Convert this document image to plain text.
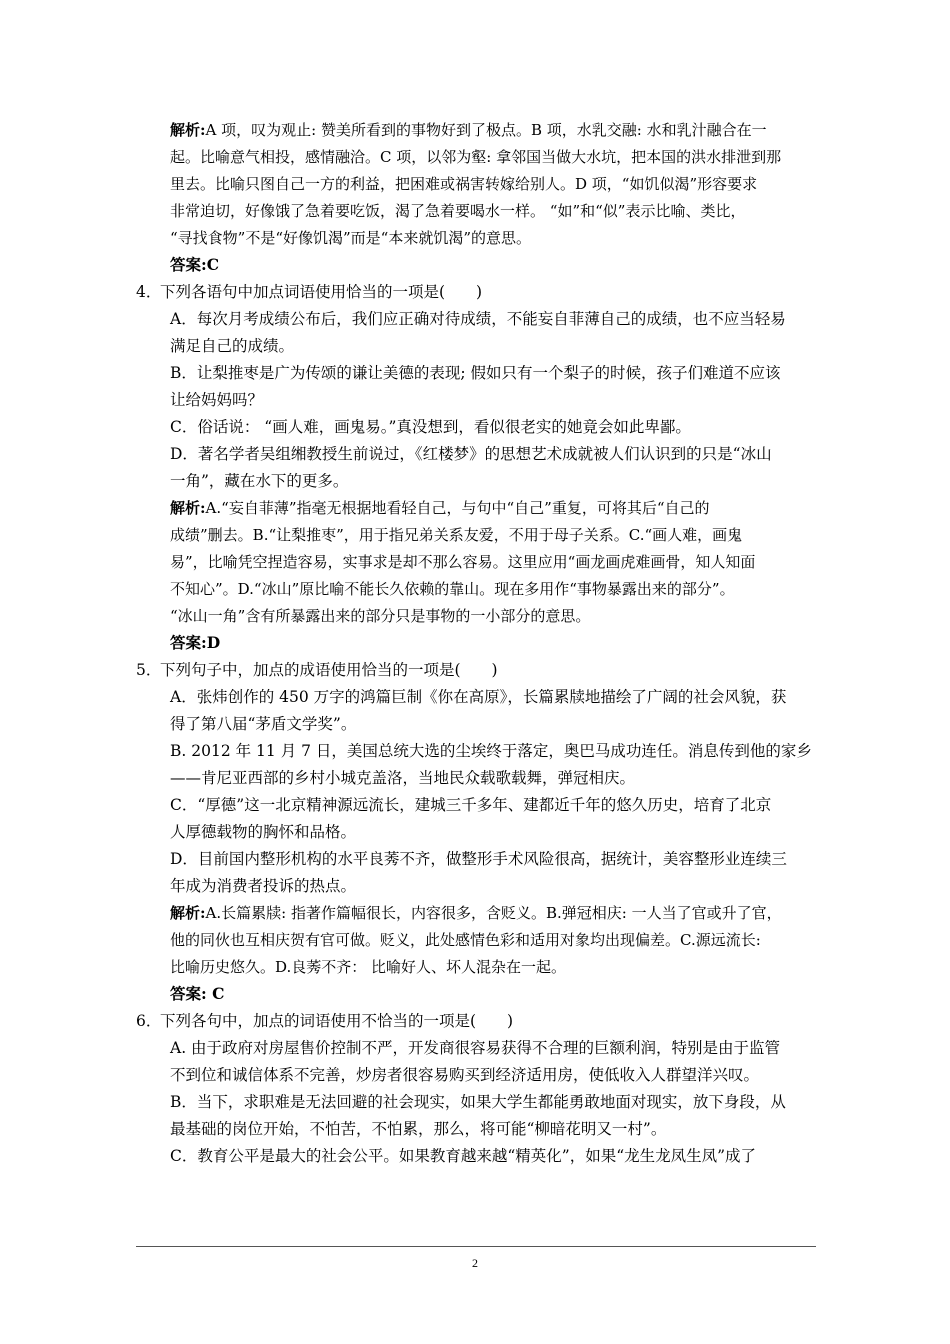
解析:A 项，叹为观止: 赞美所看到的事物好到了极点。B 项，水乳交融: 水和乳汁融合在一
起。比喻意气相投，感情融洽。C 项，以邻为壑: 拿邻国当做大水坑，把本国的洪水排泄到那
里去。比喻只图自己一方的利益，把困难或祸害转嫁给别人。D 项，“如饥似渴”形容要求
非常迫切，好像饿了急着要吃饭，渴了急着要喝水一样。 “如”和“似”表示比喻、类比，
“寻找食物”不是“好像饥渴”而是“本来就饥渴”的意思。
答案:C
4．下列各语句中加点词语使用恰当的一项是(　　)
A．每次月考成绩公布后，我们应正确对待成绩，不能妄自菲薄自己的成绩，也不应当轻易
满足自己的成绩。
B．让梨推枣是广为传颂的谦让美德的表现; 假如只有一个梨子的时候，孩子们难道不应该
让给妈妈吗？
C．俗话说： “画人难，画鬼易。”真没想到，看似很老实的她竟会如此卑鄙。
D．著名学者吴组缃教授生前说过，《红楼梦》的思想艺术成就被人们认识到的只是“冰山
一角”，藏在水下的更多。
解析:A.“妄自菲薄”指毫无根据地看轻自己，与句中“自己”重复，可将其后“自己的
成绩”删去。B.“让梨推枣”，用于指兄弟关系友爱，不用于母子关系。C.“画人难，画鬼
易”，比喻凭空捏造容易，实事求是却不那么容易。这里应用“画龙画虎难画骨，知人知面
不知心”。D.“冰山”原比喻不能长久依赖的靠山。现在多用作“事物暴露出来的部分”。
“冰山一角”含有所暴露出来的部分只是事物的一小部分的意思。
答案:D
5．下列句子中，加点的成语使用恰当的一项是(　　)
A．张炜创作的 450 万字的鸿篇巨制《你在高原》，长篇累牍地描绘了广阔的社会风貌，获
得了第八届“茅盾文学奖”。
B. 2012 年 11 月 7 日，美国总统大选的尘埃终于落定，奥巴马成功连任。消息传到他的家乡
——肯尼亚西部的乡村小城克盖洛，当地民众载歌载舞，弹冠相庆。
C．“厚德”这一北京精神源远流长，建城三千多年、建都近千年的悠久历史，培育了北京
人厚德载物的胸怀和品格。
D．目前国内整形机构的水平良莠不齐，做整形手术风险很高，据统计，美容整形业连续三
年成为消费者投诉的热点。
解析:A.长篇累牍: 指著作篇幅很长，内容很多，含贬义。B.弹冠相庆: 一人当了官或升了官，
他的同伙也互相庆贺有官可做。贬义，此处感情色彩和适用对象均出现偏差。C.源远流长:
比喻历史悠久。D.良莠不齐： 比喻好人、坏人混杂在一起。
答案: C
6．下列各句中，加点的词语使用不恰当的一项是(　　)
A. 由于政府对房屋售价控制不严，开发商很容易获得不合理的巨额利润，特别是由于监管
不到位和诚信体系不完善，炒房者很容易购买到经济适用房，使低收入人群望洋兴叹。
B．当下，求职难是无法回避的社会现实，如果大学生都能勇敢地面对现实，放下身段，从
最基础的岗位开始，不怕苦，不怕累，那么，将可能“柳暗花明又一村”。
C．教育公平是最大的社会公平。如果教育越来越“精英化”，如果“龙生龙凤生凤”成了
2
